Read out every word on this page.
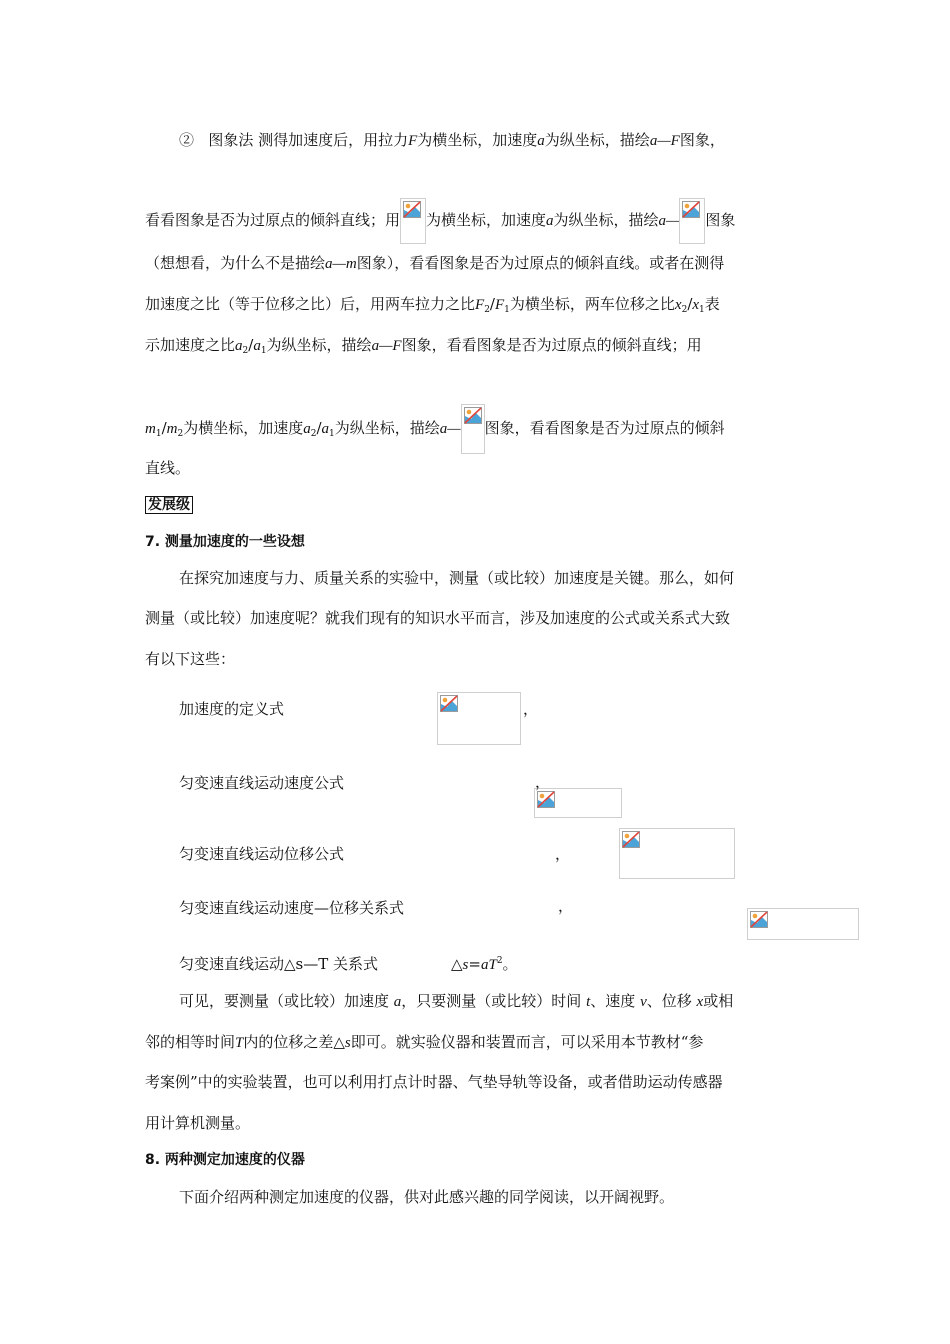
② 图象法 测得加速度后，用拉力F为横坐标，加速度a为纵坐标，描绘a—F图象，
看看图象是否为过原点的倾斜直线；用 为横坐标，加速度a为纵坐标，描绘a— 图象
（想想看，为什么不是描绘a—m图象），看看图象是否为过原点的倾斜直线。或者在测得
加速度之比（等于位移之比）后，用两车拉力之比$F_2/F_1$为横坐标，两车位移之比$x_2/x_1$表
示加速度之比$a_2/a_1$为纵坐标，描绘a—F图象，看看图象是否为过原点的倾斜直线；用
$m_1/m_2$为横坐标，加速度$a_2/a_1$为纵坐标，描绘a— 图象，看看图象是否为过原点的倾斜
直线。
发展级
7. 测量加速度的一些设想
在探究加速度与力、质量关系的实验中，测量（或比较）加速度是关键。那么，如何
测量（或比较）加速度呢？就我们现有的知识水平而言，涉及加速度的公式或关系式大致
有以下这些：
加速度的定义式
	，
匀变速直线运动速度公式
	，
匀变速直线运动位移公式
	，
匀变速直线运动速度—位移关系式	，
匀变速直线运动△s—T 关系式	$\triangle s=aT^2$。
可见，要测量（或比较）加速度 a，只要测量（或比较）时间 t、速度 v、位移 x或相
邻的相等时间T内的位移之差△s即可。就实验仪器和装置而言，可以采用本节教材“参
考案例”中的实验装置，也可以利用打点计时器、气垫导轨等设备，或者借助运动传感器
用计算机测量。
8. 两种测定加速度的仪器
下面介绍两种测定加速度的仪器，供对此感兴趣的同学阅读，以开阔视野。
